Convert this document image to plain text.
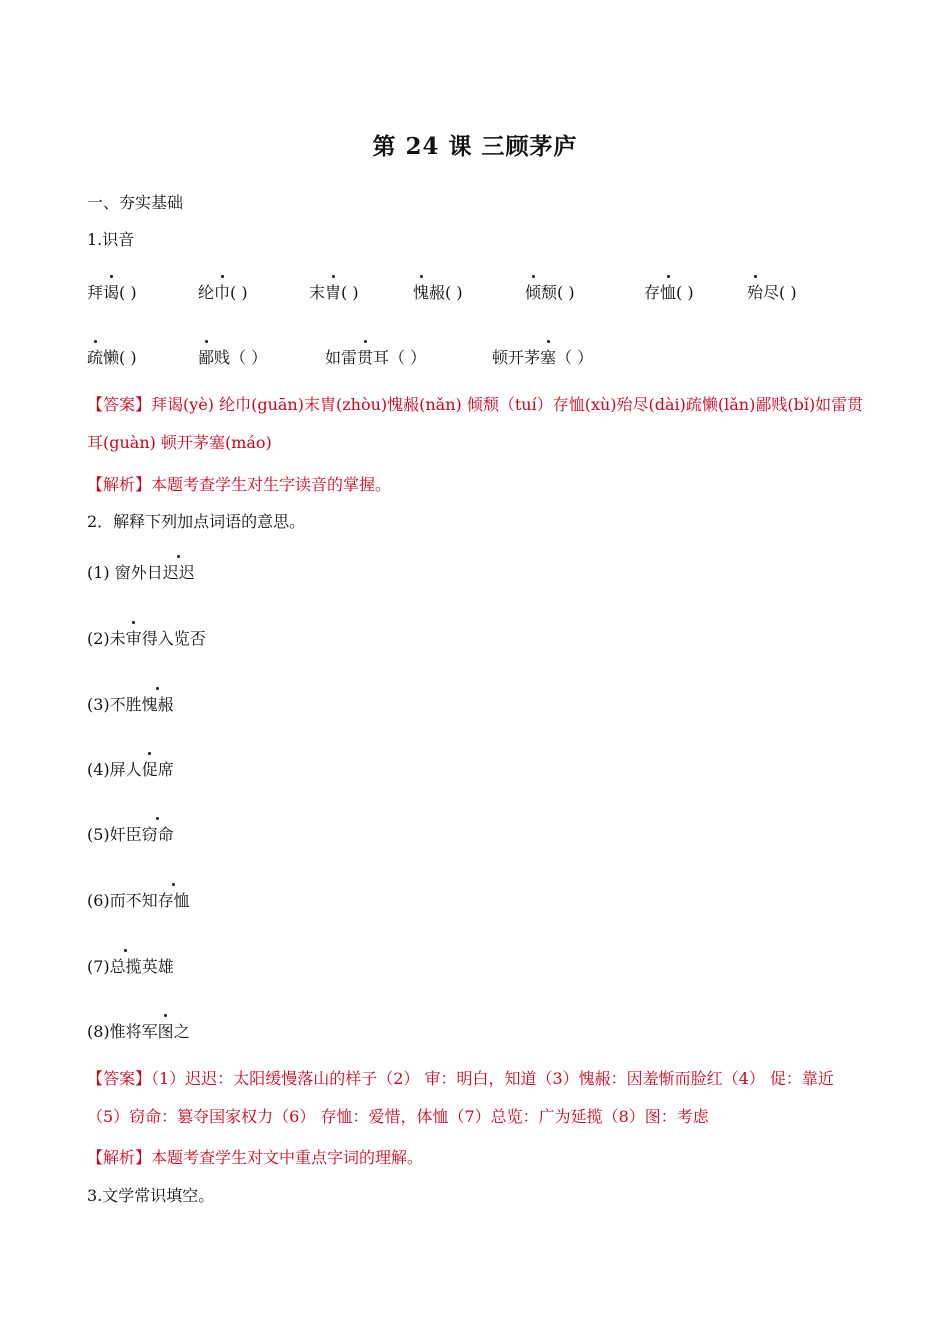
第 24 课 三顾茅庐
一、夯实基础
1.识音
拜谒( )	纶巾( )	末胄( )	愧赧( )	倾颓( )	存恤( )	殆尽( )
疏懒( )	鄙贱（ ）	如雷贯耳（ ）	顿开茅塞（ ）
【答案】拜谒(yè) 纶巾(guān)末胄(zhòu)愧赧(nǎn) 倾颓（tuí）存恤(xù)殆尽(dài)疏懒(lǎn)鄙贱(bǐ)如雷贯耳(guàn) 顿开茅塞(máo)
【解析】本题考查学生对生字读音的掌握。
2．解释下列加点词语的意思。
(1) 窗外日迟迟
(2)未审得入览否
(3)不胜愧赧
(4)屏人促席
(5)奸臣窃命
(6)而不知存恤
(7)总揽英雄
(8)惟将军图之
【答案】（1）迟迟：太阳缓慢落山的样子（2） 审：明白，知道（3）愧赧：因羞惭而脸红（4） 促：靠近（5）窃命：篡夺国家权力（6） 存恤：爱惜，体恤（7）总览：广为延揽（8）图：考虑
【解析】本题考查学生对文中重点字词的理解。
3.文学常识填空。
